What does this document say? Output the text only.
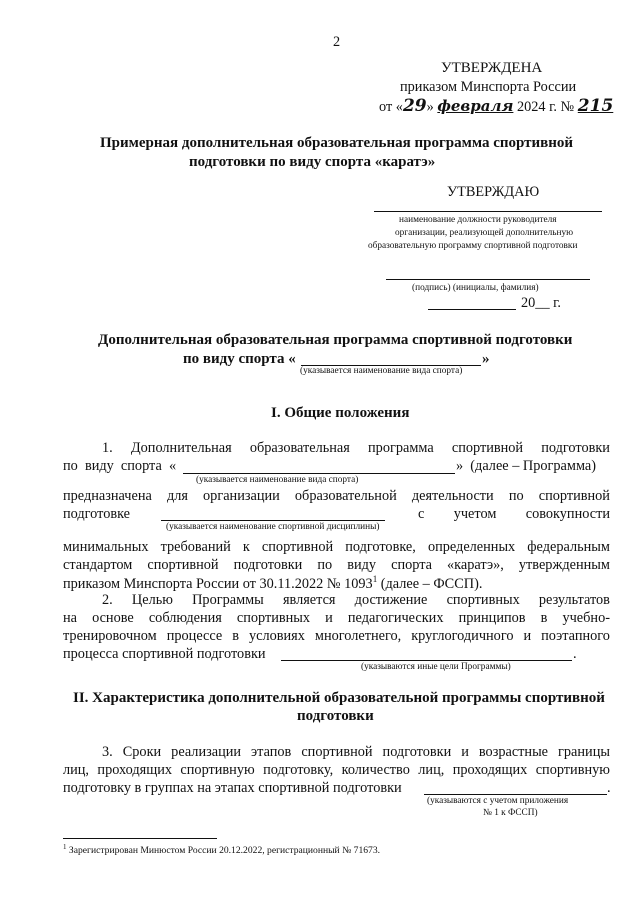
2
УТВЕРЖДЕНА
приказом Минспорта России
от «29» февраля 2024 г. № 215
Примерная дополнительная образовательная программа спортивной
подготовки по виду спорта «каратэ»
УТВЕРЖДАЮ
наименование должности руководителя
организации, реализующей дополнительную
образовательную программу спортивной подготовки
(подпись) (инициалы, фамилия)
20__ г.
Дополнительная образовательная программа спортивной подготовки
по виду спорта «	»
(указывается наименование вида спорта)
I. Общие положения
1. Дополнительная образовательная программа спортивной подготовки
по  виду  спорта  «	»  (далее – Программа)
(указывается наименование вида спорта)
предназначена для организации образовательной деятельности по спортивной
подготовке	с учетом совокупности
(указывается наименование спортивной дисциплины)
минимальных требований к спортивной подготовке, определенных федеральным
стандартом спортивной подготовки по виду спорта «каратэ», утвержденным
приказом Минспорта России от 30.11.2022 № 1093$^1$ (далее – ФССП).
2. Целью Программы является достижение спортивных результатов
на основе соблюдения спортивных и педагогических принципов в учебно-
тренировочном процессе в условиях многолетнего, круглогодичного и поэтапного
процесса спортивной подготовки	.
(указываются иные цели Программы)
II. Характеристика дополнительной образовательной программы спортивной
подготовки
3. Сроки реализации этапов спортивной подготовки и возрастные границы
лиц, проходящих спортивную подготовку, количество лиц, проходящих спортивную
подготовку в группах на этапах спортивной подготовки	.
(указываются с учетом приложения
№ 1 к ФССП)
$^1$ Зарегистрирован Минюстом России 20.12.2022, регистрационный № 71673.
